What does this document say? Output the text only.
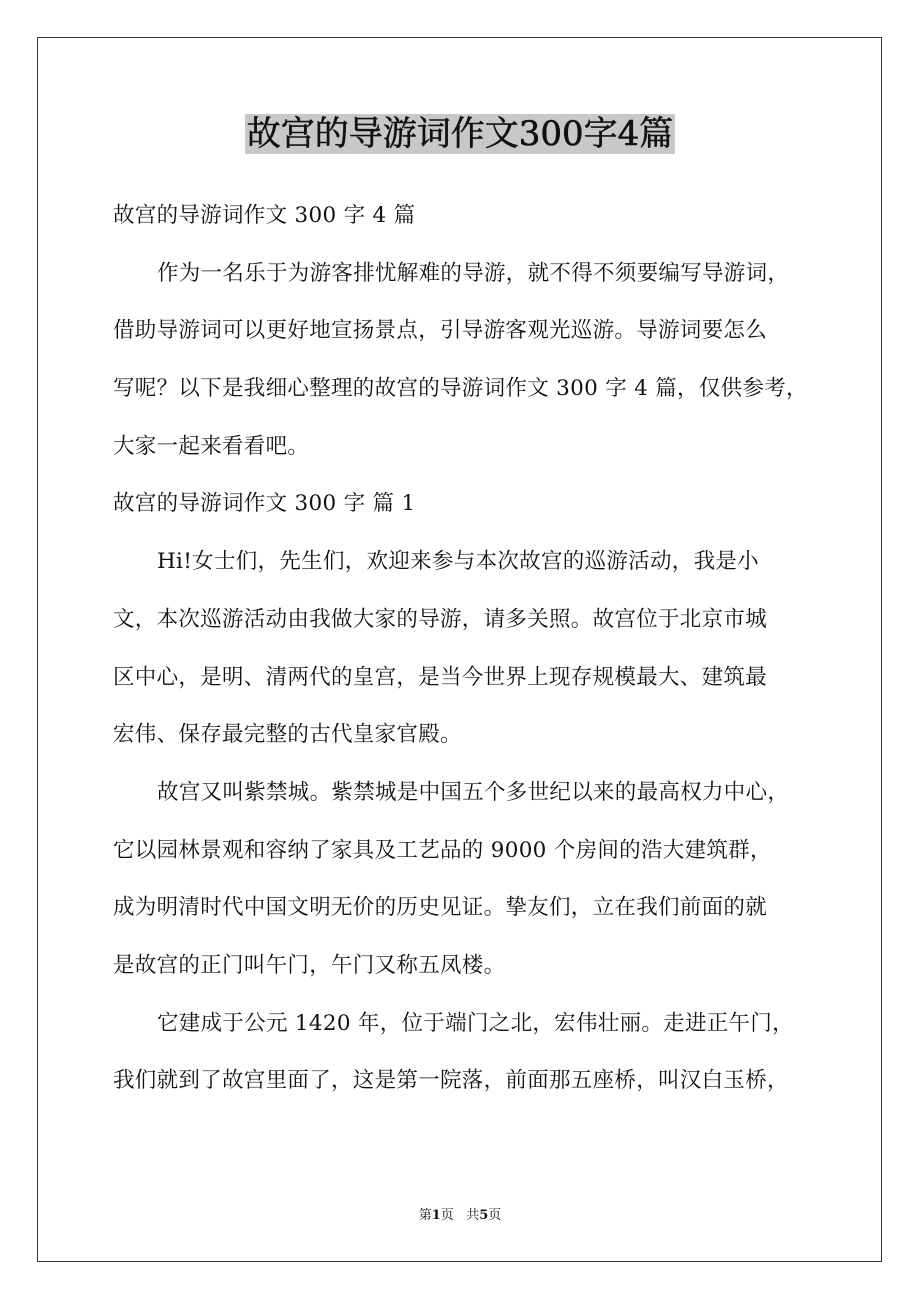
故宫的导游词作文300字4篇

故宫的导游词作文 300 字 4 篇

作为一名乐于为游客排忧解难的导游，就不得不须要编写导游词，

借助导游词可以更好地宣扬景点，引导游客观光巡游。导游词要怎么

写呢？以下是我细心整理的故宫的导游词作文 300 字 4 篇，仅供参考，

大家一起来看看吧。

故宫的导游词作文 300 字 篇 1

Hi!女士们，先生们，欢迎来参与本次故宫的巡游活动，我是小

文，本次巡游活动由我做大家的导游，请多关照。故宫位于北京市城

区中心，是明、清两代的皇宫，是当今世界上现存规模最大、建筑最

宏伟、保存最完整的古代皇家官殿。

故宫又叫紫禁城。紫禁城是中国五个多世纪以来的最高权力中心，

它以园林景观和容纳了家具及工艺品的 9000 个房间的浩大建筑群，

成为明清时代中国文明无价的历史见证。挚友们，立在我们前面的就

是故宫的正门叫午门，午门又称五凤楼。

它建成于公元 1420 年，位于端门之北，宏伟壮丽。走进正午门，

我们就到了故宫里面了，这是第一院落，前面那五座桥，叫汉白玉桥，

第1页   共5页
